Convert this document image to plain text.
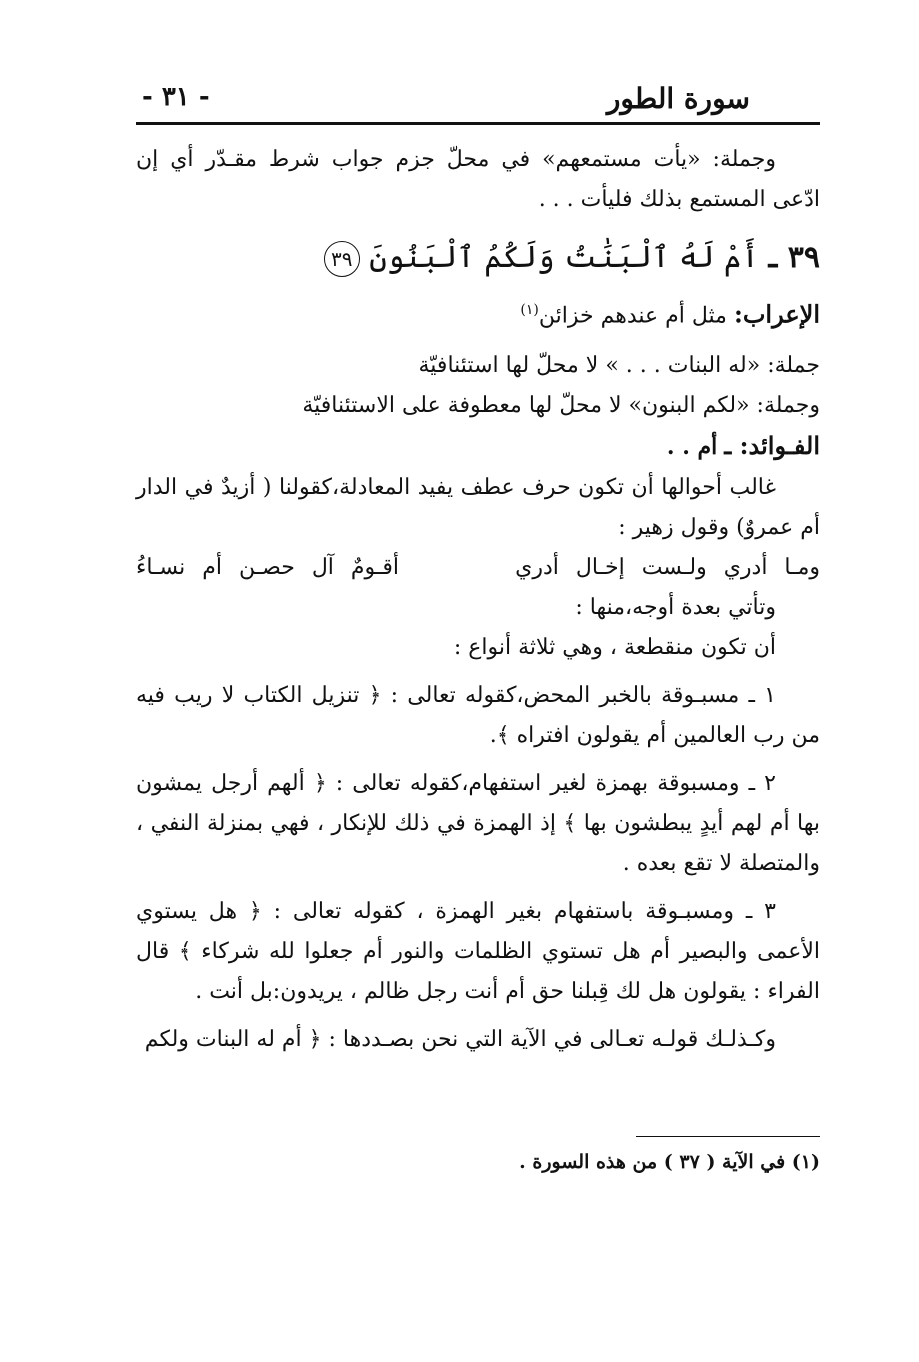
سورة الطور
- ٣١ -

وجملة: «يأت مستمعهم» في محلّ جزم جواب شرط مقـدّر أي إن ادّعى المستمع بذلك فليأت . . .

٣٩ ـ أَمْ لَهُ ٱلْبَنَٰتُ وَلَكُمُ ٱلْبَنُونَ ٣٩

الإعراب: مثل أم عندهم خزائن$^{(١)}$

جملة: «له البنات . . . » لا محلّ لها استئنافيّة

وجملة: «لكم البنون» لا محلّ لها معطوفة على الاستئنافيّة

الفـوائد: ـ أم . .

غالب أحوالها أن تكون حرف عطف يفيد المعادلة،كقولنا ( أزيدٌ في الدار أم عمروٌ) وقول زهير :

ومـا أدري ولـست إخـال أدري
أقـومٌ آل حصـن أم نسـاءُ

وتأتي بعدة أوجه،منها :

أن تكون منقطعة ، وهي ثلاثة أنواع :

١ ـ مسبـوقة بالخبر المحض،كقوله تعالى : ﴿ تنزيل الكتاب لا ريب فيه من رب العالمين أم يقولون افتراه ﴾.

٢ ـ ومسبوقة بهمزة لغير استفهام،كقوله تعالى : ﴿ ألهم أرجل يمشون بها أم لهم أيدٍ يبطشون بها ﴾ إذ الهمزة في ذلك للإنكار ، فهي بمنزلة النفي ، والمتصلة لا تقع بعده .

٣ ـ ومسبـوقة باستفهام بغير الهمزة ، كقوله تعالى : ﴿ هل يستوي الأعمى والبصير أم هل تستوي الظلمات والنور أم جعلوا لله شركاء ﴾ قال الفراء : يقولون هل لك قِبلنا حق أم أنت رجل ظالم ، يريدون:بل أنت .

وكـذلـك قولـه تعـالى في الآية التي نحن بصـددها : ﴿ أم له البنات ولكم

(١) في الآية ( ٣٧ ) من هذه السورة .
